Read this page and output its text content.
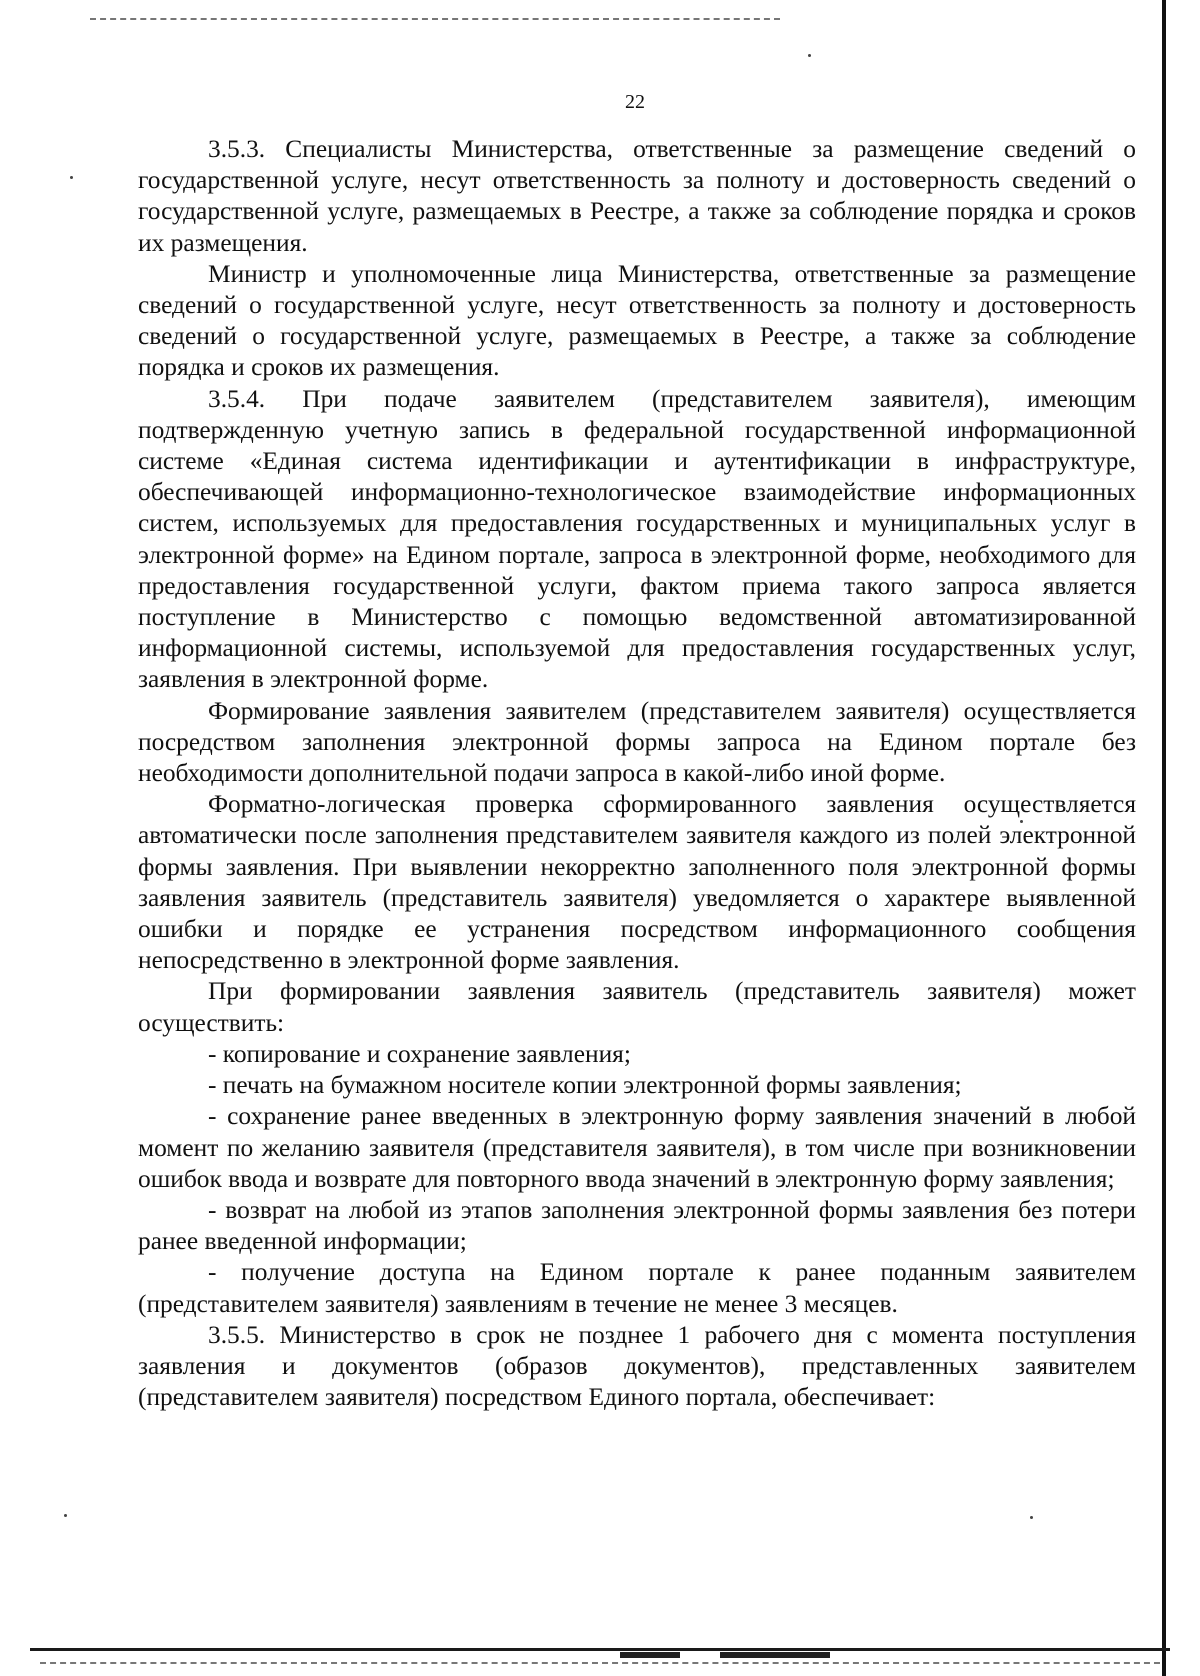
22

3.5.3. Специалисты Министерства, ответственные за размещение сведений о государственной услуге, несут ответственность за полноту и достоверность сведений о государственной услуге, размещаемых в Реестре, а также за соблюдение порядка и сроков их размещения.

Министр и уполномоченные лица Министерства, ответственные за размещение сведений о государственной услуге, несут ответственность за полноту и достоверность сведений о государственной услуге, размещаемых в Реестре, а также за соблюдение порядка и сроков их размещения.

3.5.4. При подаче заявителем (представителем заявителя), имеющим подтвержденную учетную запись в федеральной государственной информационной системе «Единая система идентификации и аутентификации в инфраструктуре, обеспечивающей информационно-технологическое взаимодействие информационных систем, используемых для предоставления государственных и муниципальных услуг в электронной форме» на Едином портале, запроса в электронной форме, необходимого для предоставления государственной услуги, фактом приема такого запроса является поступление в Министерство с помощью ведомственной автоматизированной информационной системы, используемой для предоставления государственных услуг, заявления в электронной форме.

Формирование заявления заявителем (представителем заявителя) осуществляется посредством заполнения электронной формы запроса на Едином портале без необходимости дополнительной подачи запроса в какой-либо иной форме.

Форматно-логическая проверка сформированного заявления осуществляется автоматически после заполнения представителем заявителя каждого из полей электронной формы заявления. При выявлении некорректно заполненного поля электронной формы заявления заявитель (представитель заявителя) уведомляется о характере выявленной ошибки и порядке ее устранения посредством информационного сообщения непосредственно в электронной форме заявления.

При формировании заявления заявитель (представитель заявителя) может осуществить:

- копирование и сохранение заявления;

- печать на бумажном носителе копии электронной формы заявления;

- сохранение ранее введенных в электронную форму заявления значений в любой момент по желанию заявителя (представителя заявителя), в том числе при возникновении ошибок ввода и возврате для повторного ввода значений в электронную форму заявления;

- возврат на любой из этапов заполнения электронной формы заявления без потери ранее введенной информации;

- получение доступа на Едином портале к ранее поданным заявителем (представителем заявителя) заявлениям в течение не менее 3 месяцев.

3.5.5. Министерство в срок не позднее 1 рабочего дня с момента поступления заявления и документов (образов документов), представленных заявителем (представителем заявителя) посредством Единого портала, обеспечивает:
